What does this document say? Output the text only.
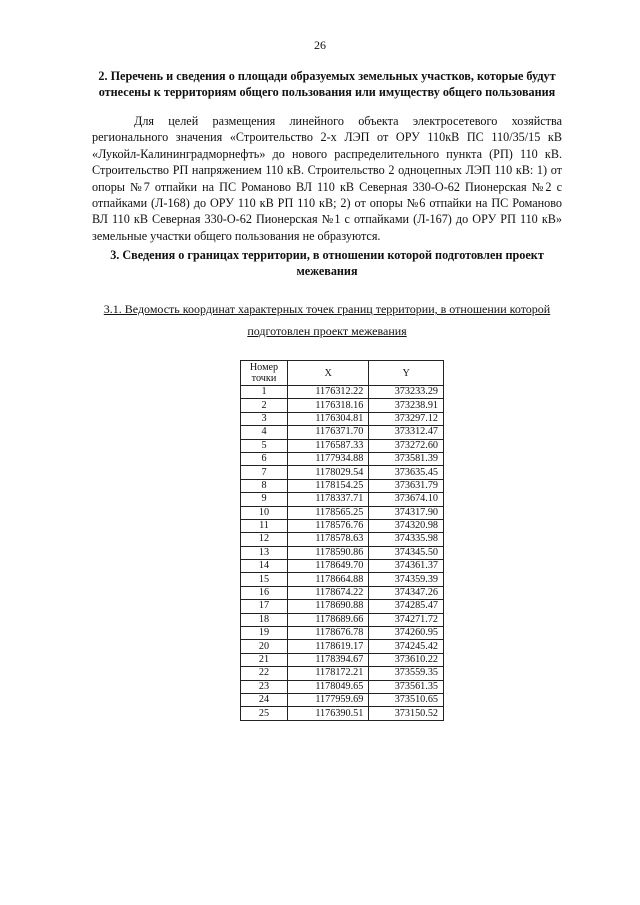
26
2. Перечень и сведения о площади образуемых земельных участков, которые будут отнесены к территориям общего пользования или имуществу общего пользования
Для целей размещения линейного объекта электросетевого хозяйства регионального значения «Строительство 2-х ЛЭП от ОРУ 110кВ ПС 110/35/15 кВ «Лукойл-Калининградморнефть» до нового распределительного пункта (РП) 110 кВ. Строительство РП напряжением 110 кВ. Строительство 2 одноцепных ЛЭП 110 кВ: 1) от опоры №7 отпайки на ПС Романово ВЛ 110 кВ Северная 330-О-62 Пионерская №2 с отпайками (Л-168) до ОРУ 110 кВ РП 110 кВ; 2) от опоры №6 отпайки на ПС Романово ВЛ 110 кВ Северная 330-О-62 Пионерская №1 с отпайками (Л-167) до ОРУ РП 110 кВ» земельные участки общего пользования не образуются.
3. Сведения о границах территории, в отношении которой подготовлен проект межевания
3.1. Ведомость координат характерных точек границ территории, в отношении которой
подготовлен проект межевания
Номер точки	X	Y
1	1176312.22	373233.29
2	1176318.16	373238.91
3	1176304.81	373297.12
4	1176371.70	373312.47
5	1176587.33	373272.60
6	1177934.88	373581.39
7	1178029.54	373635.45
8	1178154.25	373631.79
9	1178337.71	373674.10
10	1178565.25	374317.90
11	1178576.76	374320.98
12	1178578.63	374335.98
13	1178590.86	374345.50
14	1178649.70	374361.37
15	1178664.88	374359.39
16	1178674.22	374347.26
17	1178690.88	374285.47
18	1178689.66	374271.72
19	1178676.78	374260.95
20	1178619.17	374245.42
21	1178394.67	373610.22
22	1178172.21	373559.35
23	1178049.65	373561.35
24	1177959.69	373510.65
25	1176390.51	373150.52
